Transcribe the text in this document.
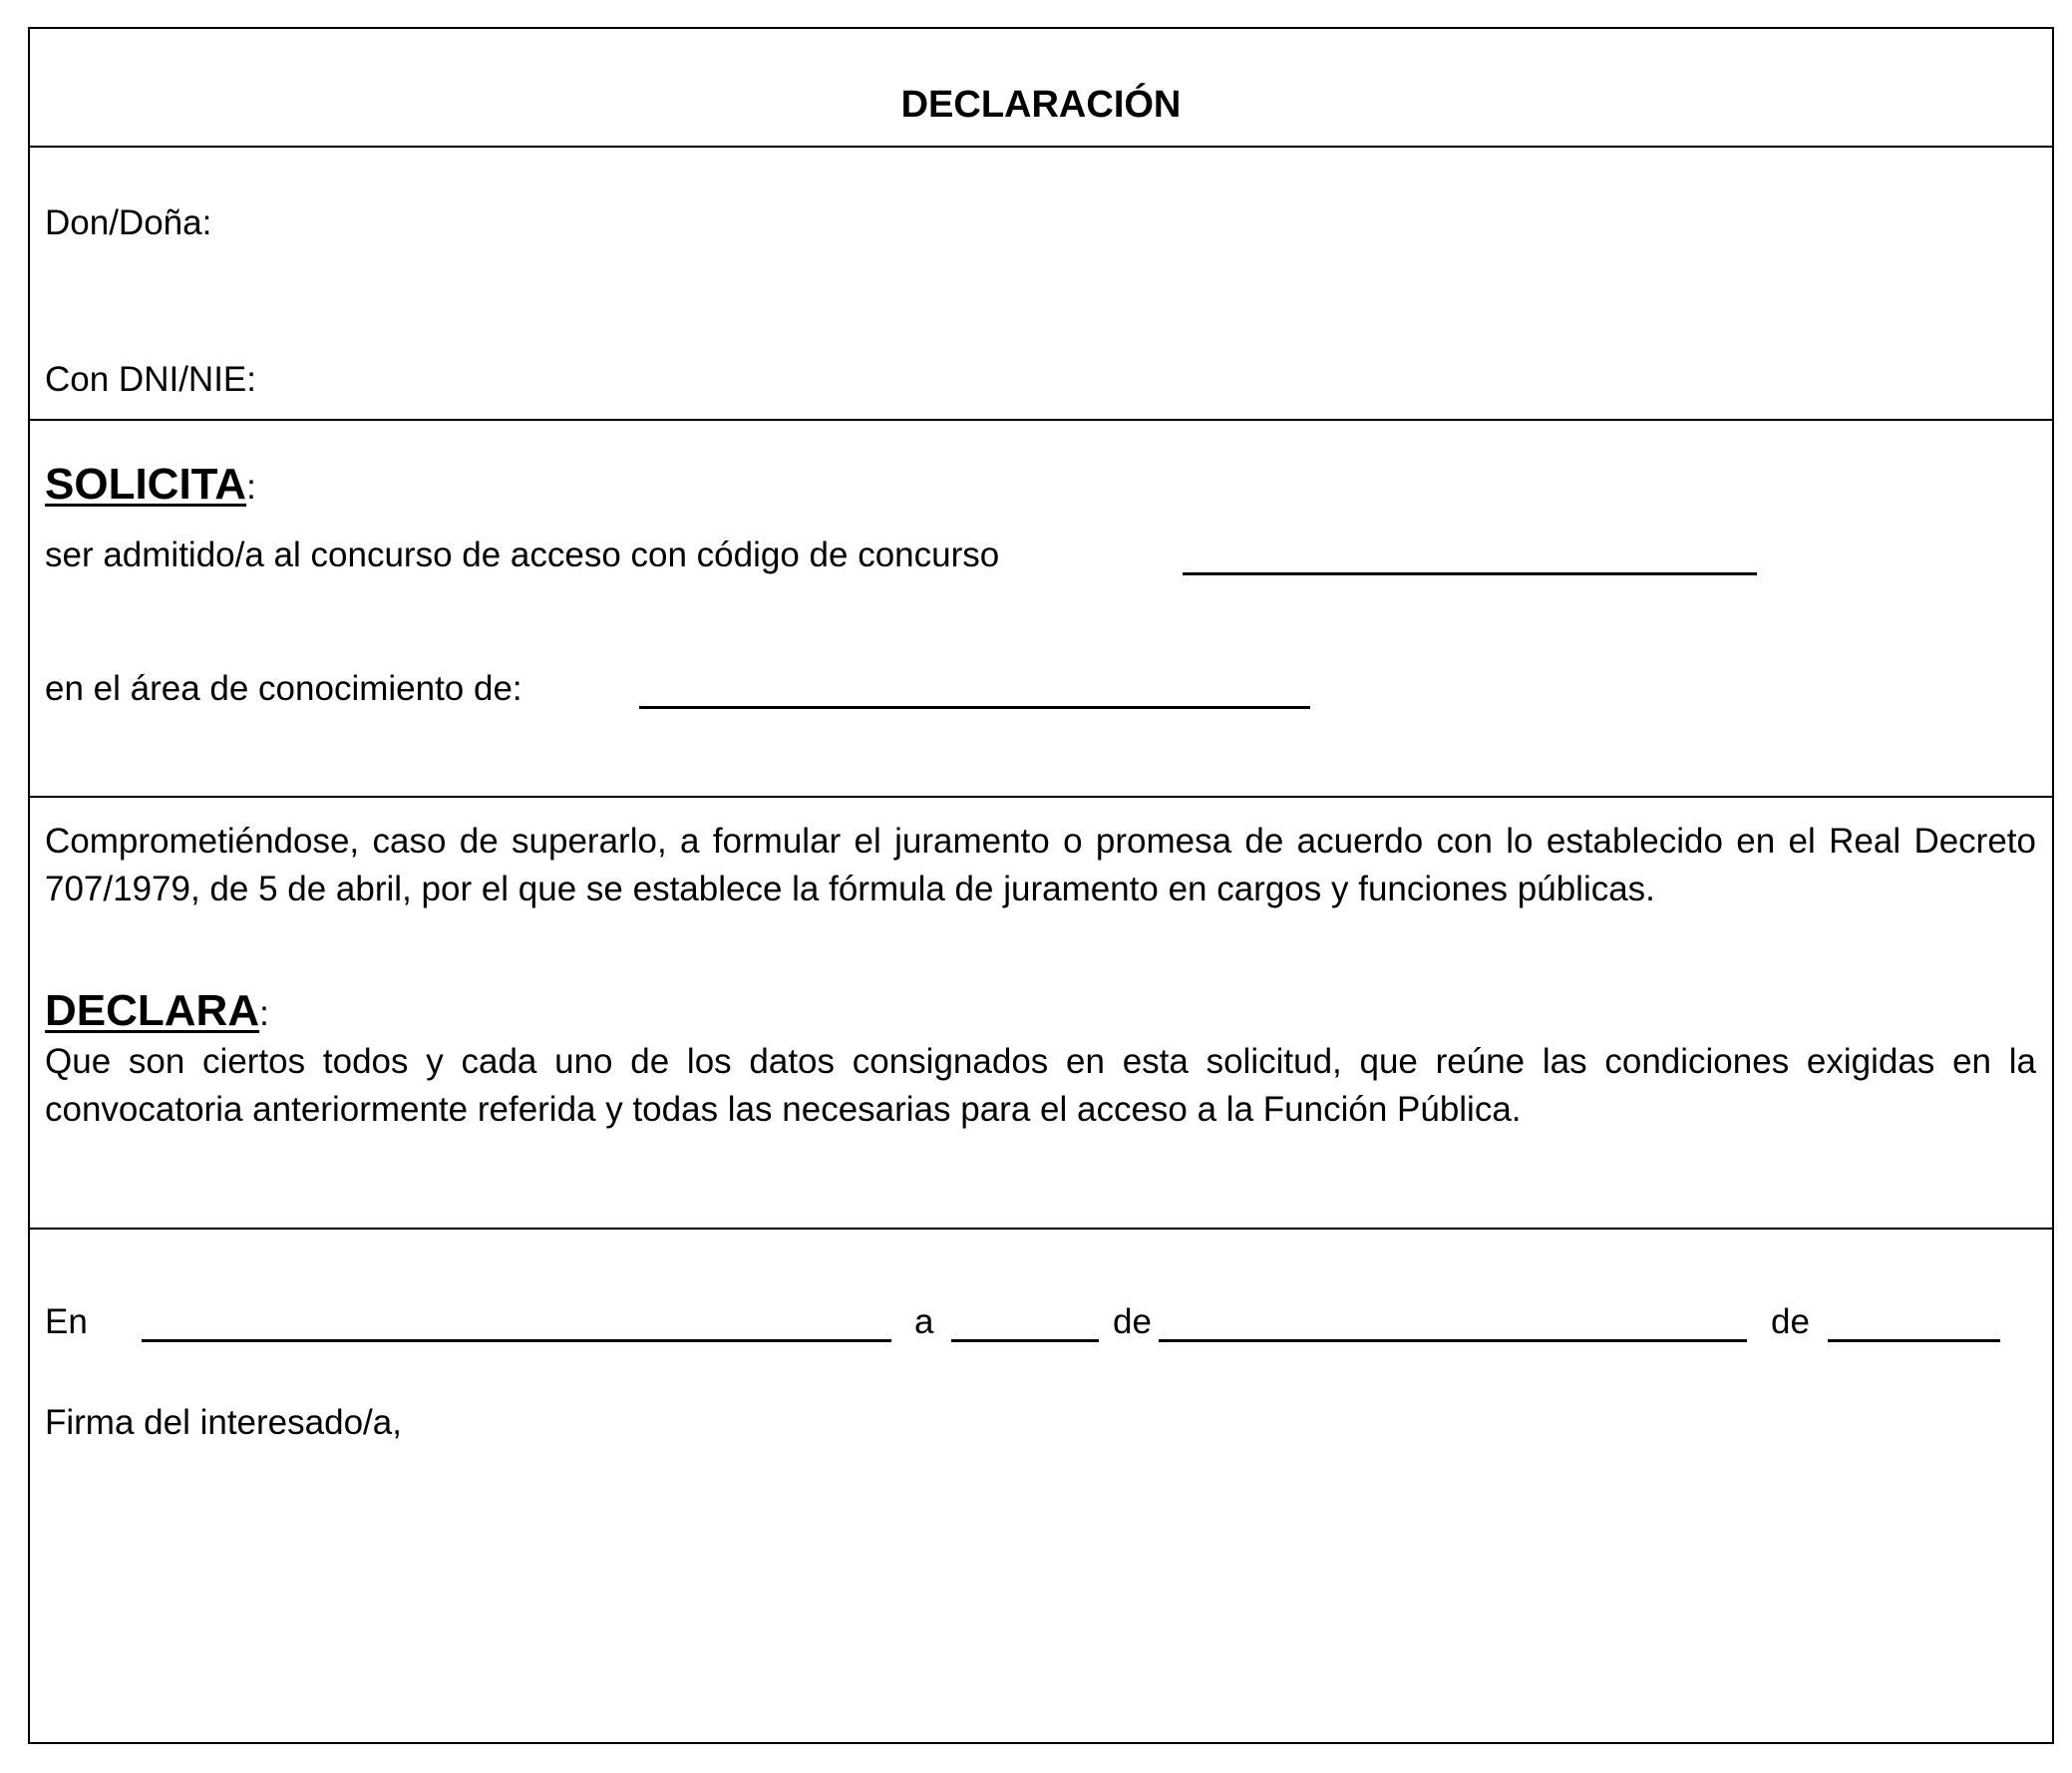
DECLARACIÓN
Don/Doña:
Con DNI/NIE:
SOLICITA:
ser admitido/a al concurso de acceso con código de concurso
en el área de conocimiento de:
Comprometiéndose, caso de superarlo, a formular el juramento o promesa de acuerdo con lo establecido en el Real Decreto 707/1979, de 5 de abril, por el que se establece la fórmula de juramento en cargos y funciones públicas.
DECLARA:
Que son ciertos todos y cada uno de los datos consignados en esta solicitud, que reúne las condiciones exigidas en la convocatoria anteriormente referida y todas las necesarias para el acceso a la Función Pública.
En	a	de	de
Firma del interesado/a,
